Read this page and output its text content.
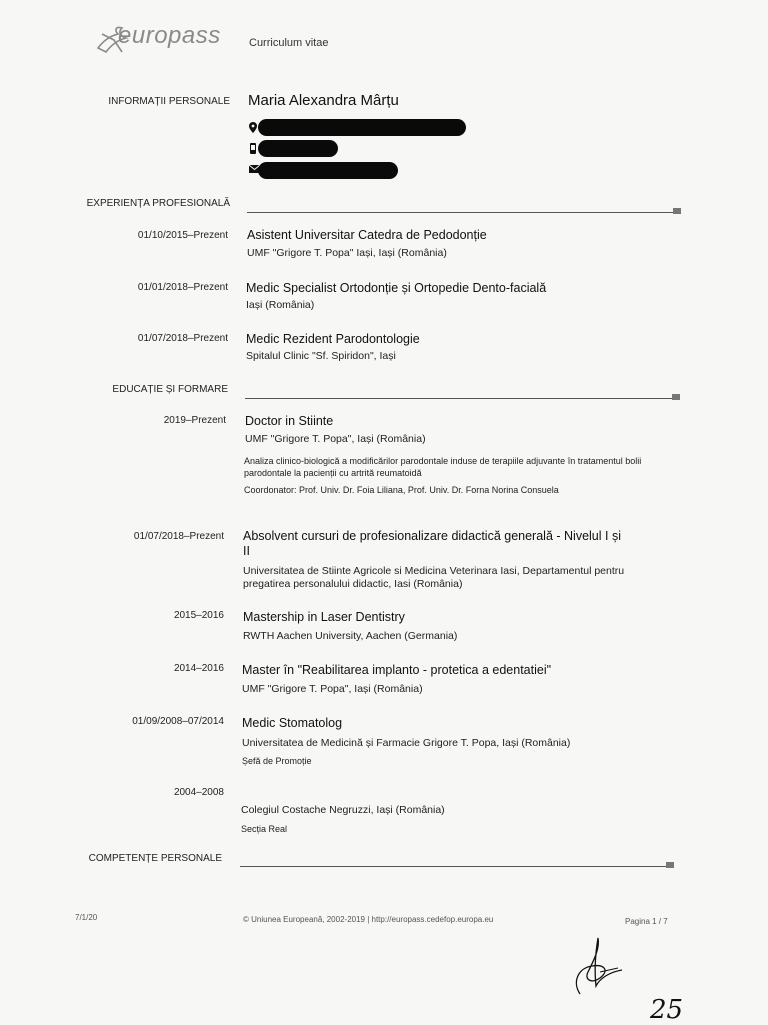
europass	Curriculum vitae
INFORMAȚII PERSONALE Maria Alexandra Mârțu
EXPERIENȚA PROFESIONALĂ
01/10/2015–Prezent Asistent Universitar Catedra de Pedodonție
UMF "Grigore T. Popa" Iași, Iași (România)
01/01/2018–Prezent Medic Specialist Ortodonție și Ortopedie Dento-facială
Iași (România)
01/07/2018–Prezent Medic Rezident Parodontologie
Spitalul Clinic "Sf. Spiridon", Iași
EDUCAȚIE ȘI FORMARE
2019–Prezent Doctor in Stiinte
UMF "Grigore T. Popa", Iași (România)
Analiza clinico-biologică a modificărilor parodontale induse de terapiile adjuvante în tratamentul bolii
parodontale la pacienții cu artrită reumatoidă
Coordonator: Prof. Univ. Dr. Foia Liliana, Prof. Univ. Dr. Forna Norina Consuela
01/07/2018–Prezent Absolvent cursuri de profesionalizare didactică generală - Nivelul I și
II
Universitatea de Stiinte Agricole si Medicina Veterinara Iasi, Departamentul pentru
pregatirea personalului didactic, Iasi (România)
2015–2016 Mastership in Laser Dentistry
RWTH Aachen University, Aachen (Germania)
2014–2016 Master în "Reabilitarea implanto - protetica a edentatiei"
UMF "Grigore T. Popa", Iași (România)
01/09/2008–07/2014 Medic Stomatolog
Universitatea de Medicină și Farmacie Grigore T. Popa, Iași (România)
Șefă de Promoție
2004–2008
Colegiul Costache Negruzzi, Iași (România)
Secția Real
COMPETENȚE PERSONALE
7/1/20	© Uniunea Europeană, 2002-2019 | http://europass.cedefop.europa.eu	Pagina 1 / 7
25
